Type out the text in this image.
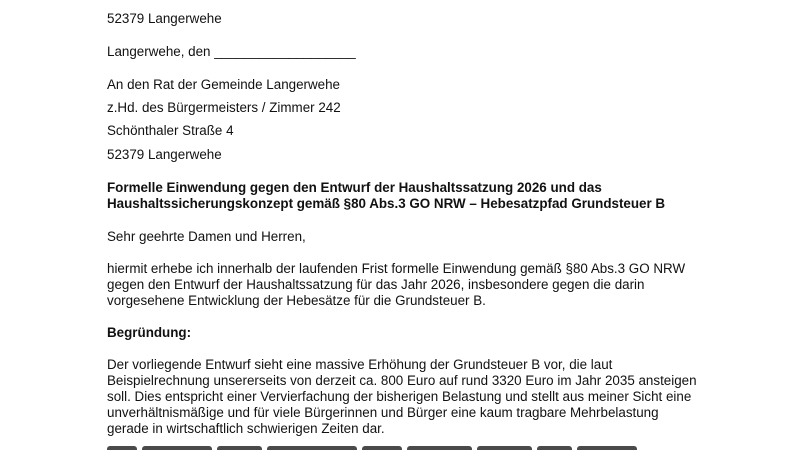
52379 Langerwehe
Langerwehe, den ___________________
An den Rat der Gemeinde Langerwehe
z.Hd. des Bürgermeisters / Zimmer 242
Schönthaler Straße 4
52379 Langerwehe
Formelle Einwendung gegen den Entwurf der Haushaltssatzung 2026 und das
Haushaltssicherungskonzept gemäß §80 Abs.3 GO NRW – Hebesatzpfad Grundsteuer B
Sehr geehrte Damen und Herren,
hiermit erhebe ich innerhalb der laufenden Frist formelle Einwendung gemäß §80 Abs.3 GO NRW
gegen den Entwurf der Haushaltssatzung für das Jahr 2026, insbesondere gegen die darin
vorgesehene Entwicklung der Hebesätze für die Grundsteuer B.
Begründung:
Der vorliegende Entwurf sieht eine massive Erhöhung der Grundsteuer B vor, die laut
Beispielrechnung unsererseits von derzeit ca. 800 Euro auf rund 3320 Euro im Jahr 2035 ansteigen
soll. Dies entspricht einer Vervierfachung der bisherigen Belastung und stellt aus meiner Sicht eine
unverhältnismäßige und für viele Bürgerinnen und Bürger eine kaum tragbare Mehrbelastung
gerade in wirtschaftlich schwierigen Zeiten dar.
